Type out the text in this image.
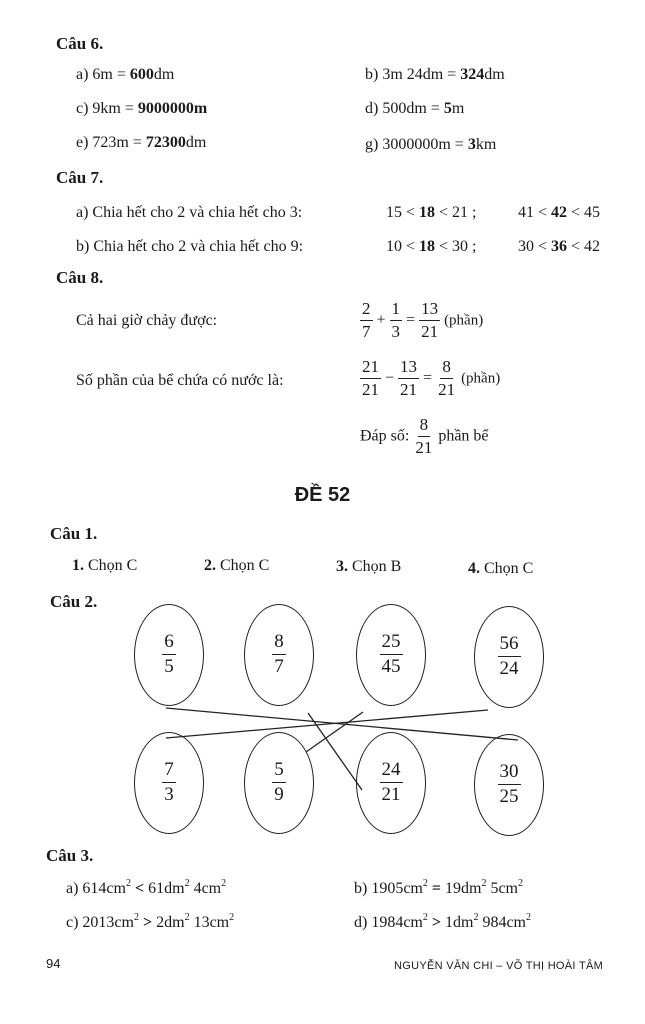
Câu 6.
a) 6m = 600dm	b) 3m 24dm = 324dm
c) 9km = 9000000m	d) 500dm = 5m
e) 723m = 72300dm	g) 3000000m = 3km
Câu 7.
a) Chia hết cho 2 và chia hết cho 3:	15 < 18 < 21 ;	41 < 42 < 45
b) Chia hết cho 2 và chia hết cho 9:	10 < 18 < 30 ;	30 < 36 < 42
Câu 8.
Cả hai giờ chảy được:	$\frac{2}{7} + \frac{1}{3} = \frac{13}{21}$ (phần)
Số phần của bể chứa có nước là:	$\frac{21}{21} - \frac{13}{21} = \frac{8}{21}$ (phần)
Đáp số: $\frac{8}{21}$ phần bể
ĐỀ 52
Câu 1.
1. Chọn C	2. Chọn C	3. Chọn B	4. Chọn C
Câu 2.
$\frac{6}{5}$	$\frac{8}{7}$	$\frac{25}{45}$	$\frac{56}{24}$
$\frac{7}{3}$	$\frac{5}{9}$	$\frac{24}{21}$	$\frac{30}{25}$
Câu 3.
a) $614cm^2 < 61dm^2$ $4cm^2$	b) $1905cm^2 = 19dm^2$ $5cm^2$
c) $2013cm^2 > 2dm^2$ $13cm^2$	d) $1984cm^2 > 1dm^2$ $984cm^2$
94	NGUYỄN VĂN CHI – VÕ THỊ HOÀI TÂM
